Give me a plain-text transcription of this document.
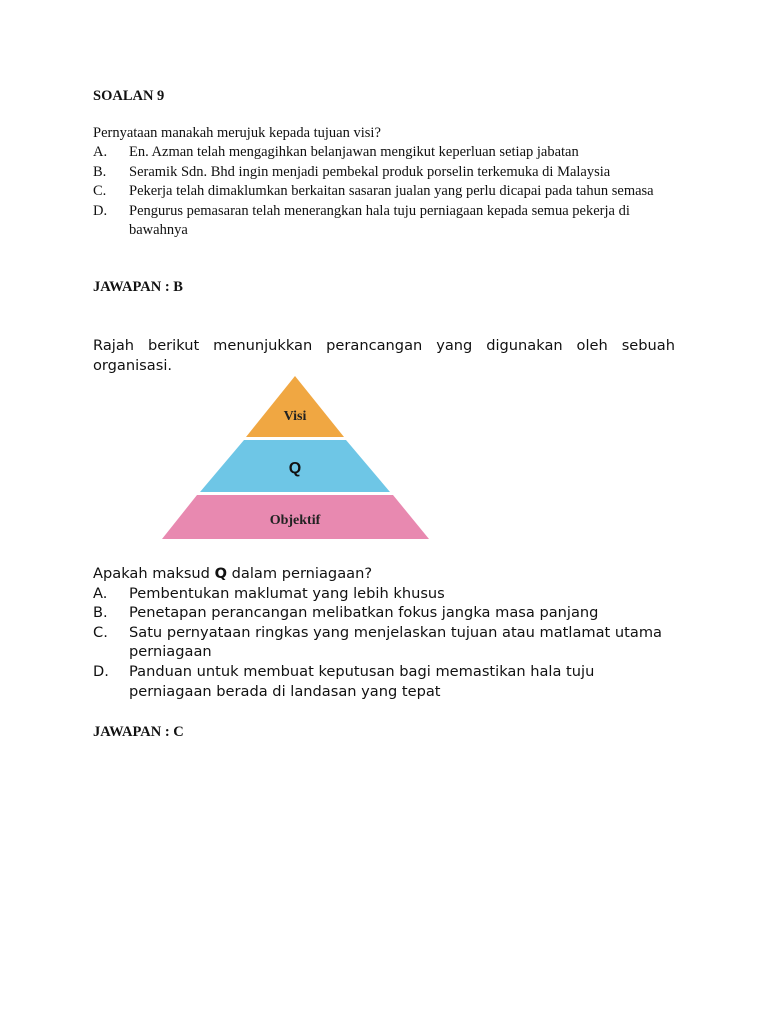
SOALAN 9
Pernyataan manakah merujuk kepada tujuan visi?
A.	En. Azman telah mengagihkan belanjawan mengikut keperluan setiap jabatan
B.	Seramik Sdn. Bhd ingin menjadi pembekal produk porselin terkemuka di Malaysia
C.	Pekerja telah dimaklumkan berkaitan sasaran jualan yang perlu dicapai pada tahun semasa
D.	Pengurus pemasaran telah menerangkan hala tuju perniagaan kepada semua pekerja di bawahnya
JAWAPAN : B
Rajah berikut menunjukkan perancangan yang digunakan oleh sebuah organisasi.
Visi
Q
Objektif
Apakah maksud Q dalam perniagaan?
A.	Pembentukan maklumat yang lebih khusus
B.	Penetapan perancangan melibatkan fokus jangka masa panjang
C.	Satu pernyataan ringkas yang menjelaskan tujuan atau matlamat utama perniagaan
D.	Panduan untuk membuat keputusan bagi memastikan hala tuju perniagaan berada di landasan yang tepat
JAWAPAN : C
